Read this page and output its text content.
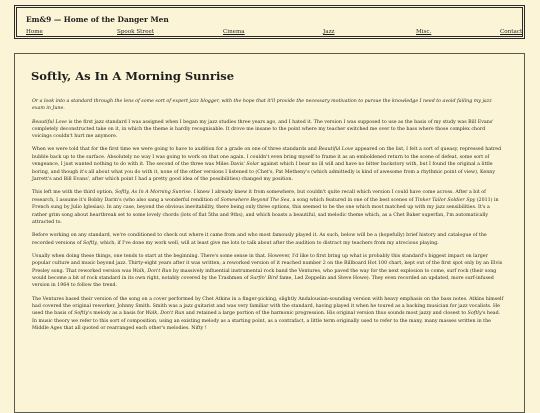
Em&9 — Home of the Danger Men
Home	Spook Street	Cinema	Jazz	Misc.	Contact
Softly, As In A Morning Sunrise

Or a look into a standard through the lens of some sort of expert jazz blogger, with the hope that it'll provide the necessary motivation to pursue the knowledge I need to avoid failing my jazz exam in June.

Beautiful Love is the first jazz standard I was assigned when I began my jazz studies three years ago, and I hated it. The version I was supposed to use as the basis of my study was Bill Evans' completely deconstructed take on it, in which the theme is hardly recognisable. It drove me insane to the point where my teacher switched me over to the bass where those complex chord voicings couldn't hurt me anymore.

When we were told that for the first time we were going to have to audition for a grade on one of three standards and Beautiful Love appeared on the list, I felt a sort of queasy, repressed hatred bubble back up to the surface. Absolutely no way I was going to work on that one again. I couldn't even bring myself to frame it as an emboldened return to the scene of defeat, some sort of vengeance, I just wanted nothing to do with it. The second of the three was Miles Davis' Solar against which I bear no ill will and have no bitter backstory with, but I found the original a little boring, and though it's all about what you do with it, none of the other versions I listened to (Chet's, Pat Metheny's (which admittedly is kind of awesome from a rhythmic point of view), Kenny Jarrett's and Bill Evans', after which point I had a pretty good idea of the possibilities) changed my position.

This left me with the third option, Softly, As In A Morning Sunrise. I knew I already knew it from somewhere, but couldn't quite recall which version I could have come across. After a bit of research, I assume it's Bobby Darin's (who also sang a wonderful rendition of Somewhere Beyond The Sea, a song which featured in one of the best scenes of Tinker Tailor Soldier Spy (2011) in French sung by Julio Iglesias). In any case, beyond the obvious inevitability, there being only three options, this seemed to be the one which most matched up with my jazz sensibilities. It's a rather grim song about heartbreak set to some lovely chords (lots of flat 5ths and 9ths), and which boasts a beautiful, sad melodic theme which, as a Chet Baker superfan, I'm automatically attracted to.

Before working on any standard, we're conditioned to check out where it came from and who most famously played it. As such, below will be a (hopefully) brief history and catalogue of the recorded versions of Softly, which, if I've done my work well, will at least give me lots to talk about after the audition to distract my teachers from my atrocious playing.

Usually when doing these things, one tends to start at the beginning. There's some sense in that. However, I'd like to first bring up what is probably this standard's biggest impact on larger popular culture and music beyond jazz. Thirty-eight years after it was written, a reworked version of it reached number 2 on the Billboard Hot 100 chart, kept out of the first spot only by an Elvis Presley song. That reworked version was Walk, Don't Run by massively influential instrumental rock band the Ventures, who paved the way for the next explosion to come, surf rock (their song would become a bit of rock standard in its own right, notably covered by the Trashmen of Surfin' Bird fame, Led Zeppelin and Steve Howe). They even recorded an updated, more surf-infused version in 1964 to follow the trend.

The Ventures based their version of the song on a cover performed by Chet Atkins in a finger-picking, slightly Andalousian-sounding version with heavy emphasis on the bass notes. Atkins himself had covered the original reworker, Johnny Smith. Smith was a jazz guitarist and was very familiar with the standard, having played it when he toured as a backing musician for jazz vocalists. He used the basis of Softly's melody as a basis for Walk, Don't Run and retained a large portion of the harmonic progression. His original version thus sounds most jazzy and closest to Softly's head. In music theory we refer to this sort of composition, using an existing melody as a starting point, as a contrafact, a little term originally used to refer to the many, many masses written in the Middle Ages that all quoted or rearranged each other's melodies. Nifty !
